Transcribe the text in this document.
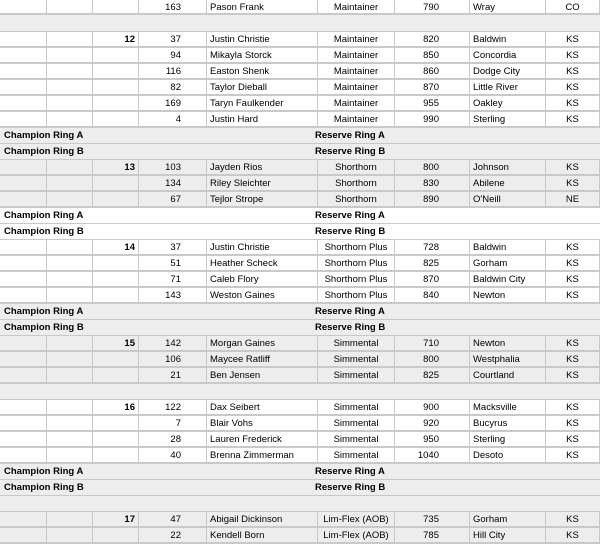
163	Pason Frank	Maintainer	790	Wray	CO
12	37	Justin Christie	Maintainer	820	Baldwin	KS
94	Mikayla Storck	Maintainer	850	Concordia	KS
116	Easton Shenk	Maintainer	860	Dodge City	KS
82	Taylor Dieball	Maintainer	870	Little River	KS
169	Taryn Faulkender	Maintainer	955	Oakley	KS
4	Justin Hard	Maintainer	990	Sterling	KS
Champion Ring A	Reserve Ring A
Champion Ring B	Reserve Ring B
13	103	Jayden Rios	Shorthorn	800	Johnson	KS
134	Riley Sleichter	Shorthorn	830	Abilene	KS
67	Tejlor Strope	Shorthorn	890	O'Neill	NE
Champion Ring A	Reserve Ring A
Champion Ring B	Reserve Ring B
14	37	Justin Christie	Shorthorn Plus	728	Baldwin	KS
51	Heather Scheck	Shorthorn Plus	825	Gorham	KS
71	Caleb Flory	Shorthorn Plus	870	Baldwin City	KS
143	Weston Gaines	Shorthorn Plus	840	Newton	KS
Champion Ring A	Reserve Ring A
Champion Ring B	Reserve Ring B
15	142	Morgan Gaines	Simmental	710	Newton	KS
106	Maycee Ratliff	Simmental	800	Westphalia	KS
21	Ben Jensen	Simmental	825	Courtland	KS
16	122	Dax Seibert	Simmental	900	Macksville	KS
7	Blair Vohs	Simmental	920	Bucyrus	KS
28	Lauren Frederick	Simmental	950	Sterling	KS
40	Brenna Zimmerman	Simmental	1040	Desoto	KS
Champion Ring A	Reserve Ring A
Champion Ring B	Reserve Ring B
17	47	Abigail Dickinson	Lim-Flex (AOB)	735	Gorham	KS
22	Kendell Born	Lim-Flex (AOB)	785	Hill City	KS
